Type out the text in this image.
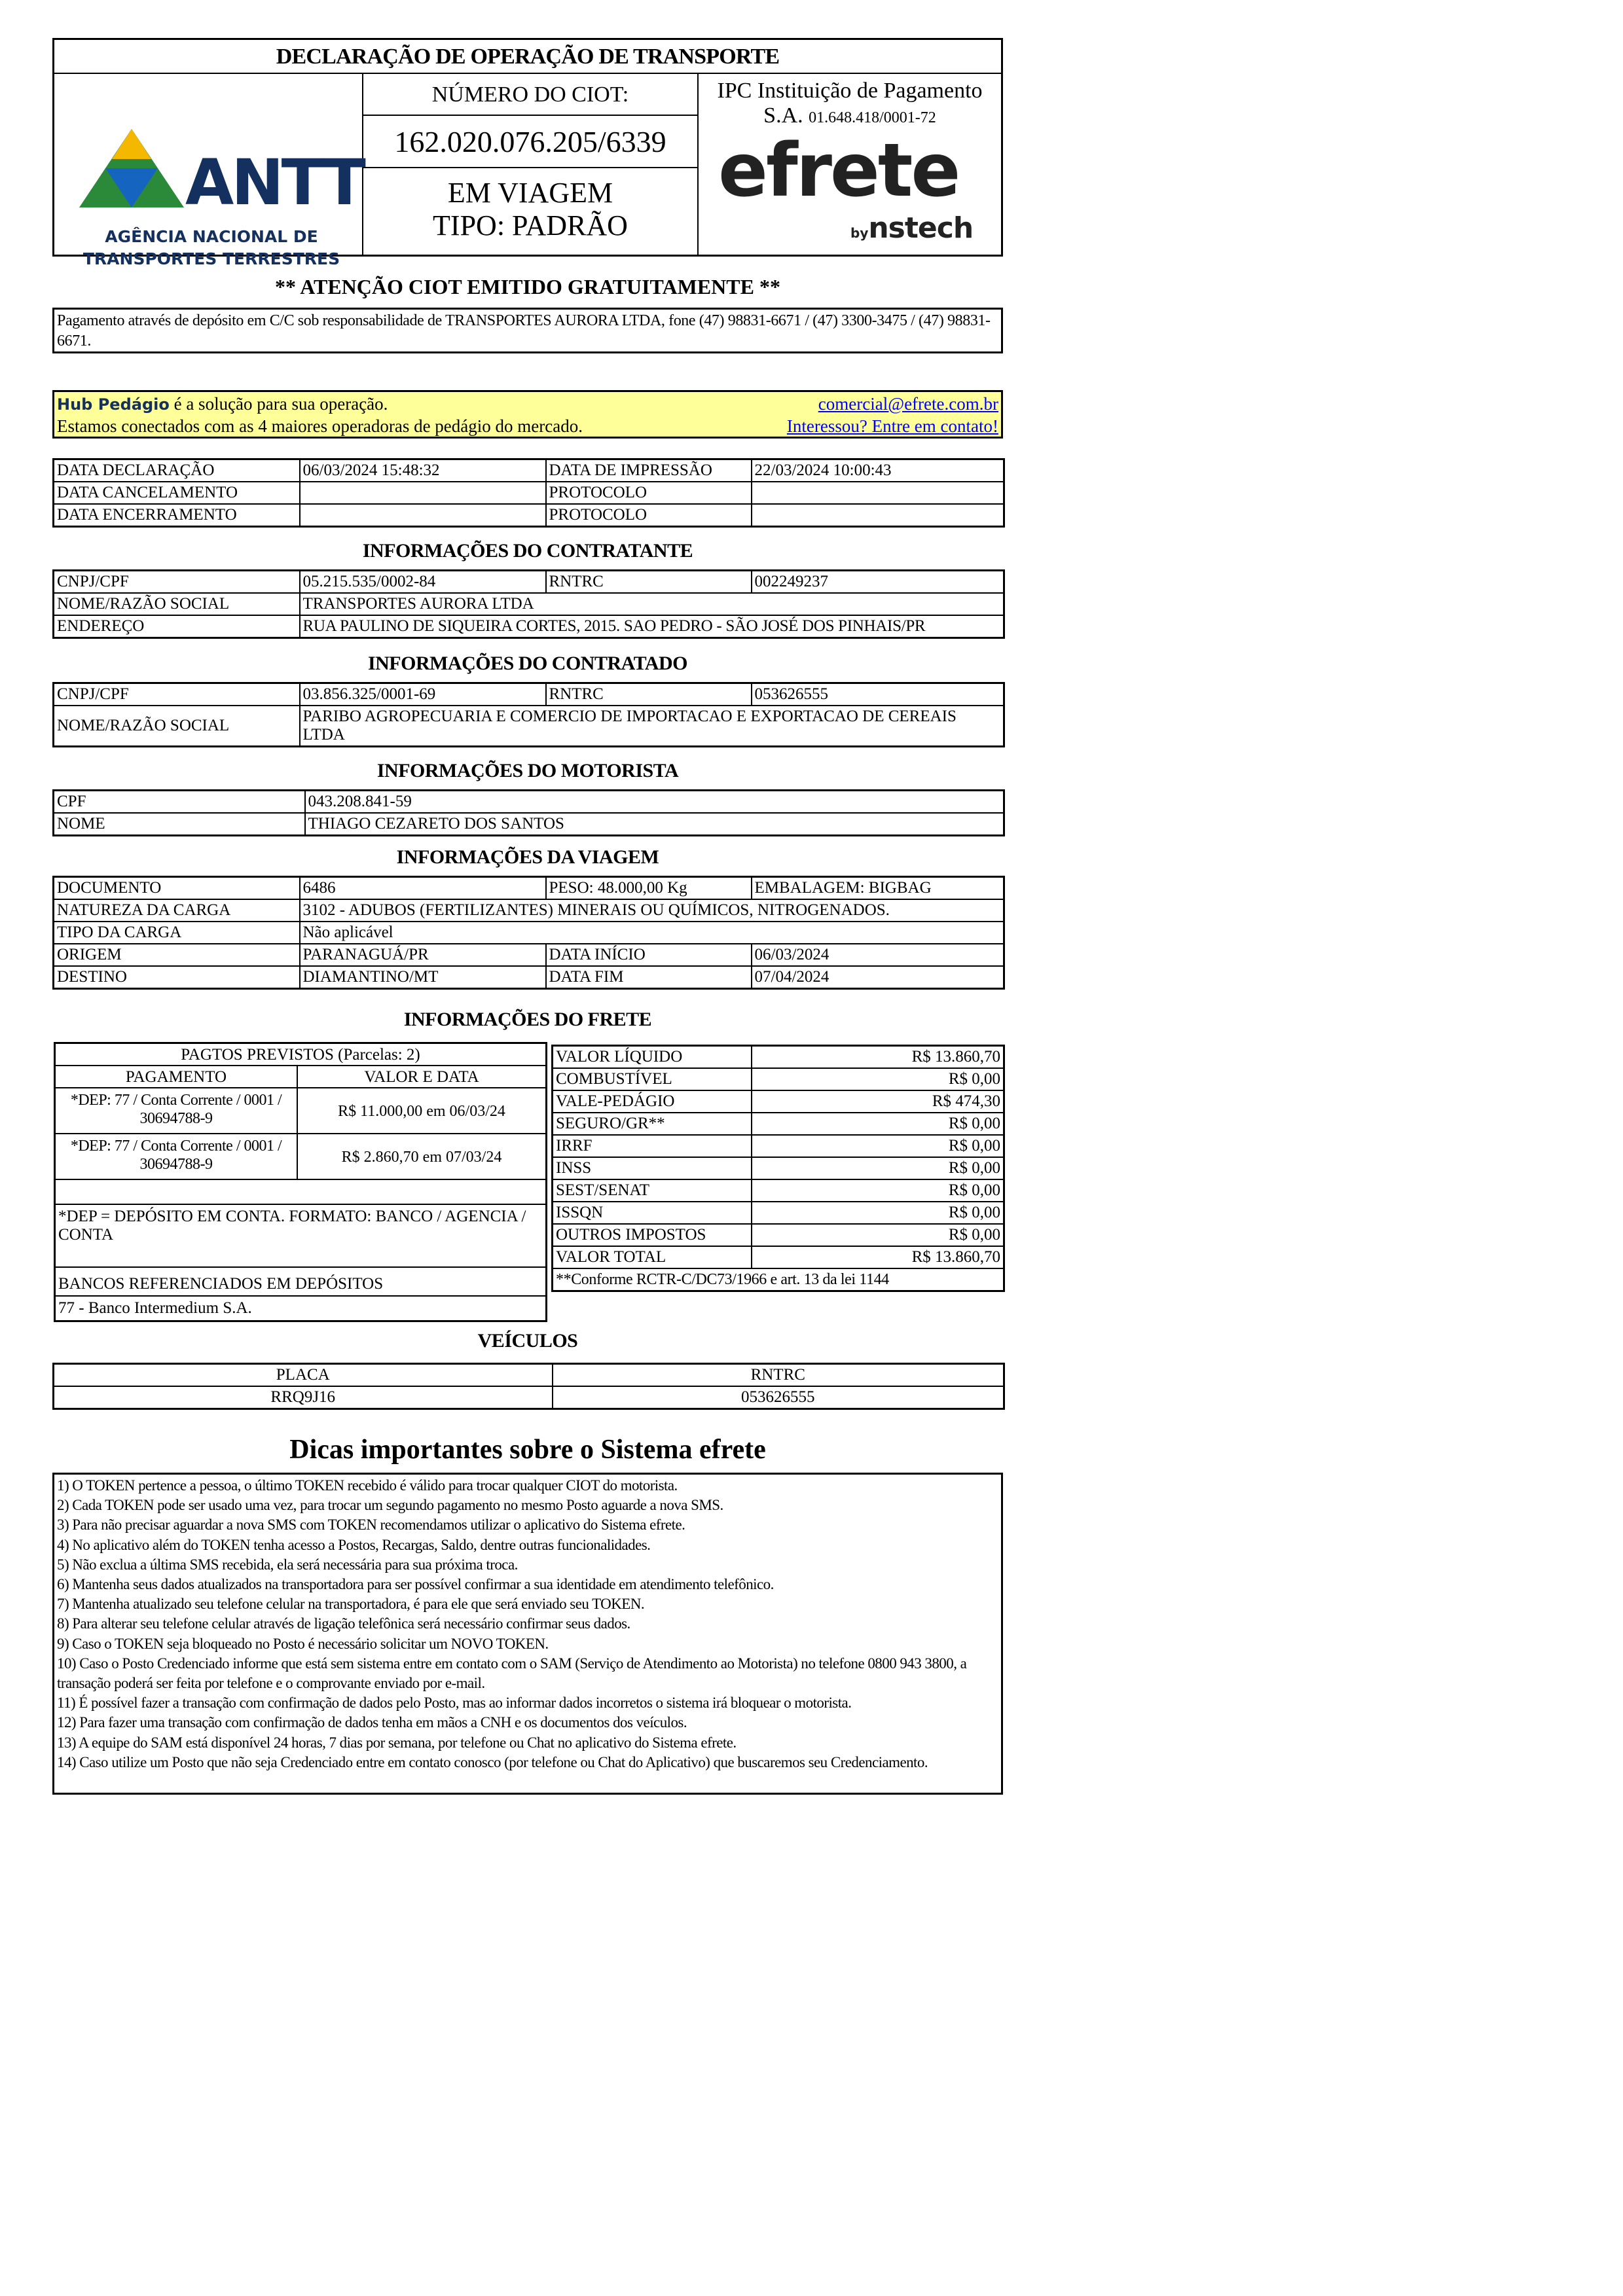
DECLARAÇÃO DE OPERAÇÃO DE TRANSPORTE
ANTT
AGÊNCIA NACIONAL DE
TRANSPORTES TERRESTRES
NÚMERO DO CIOT:
162.020.076.205/6339
EM VIAGEM
TIPO: PADRÃO
IPC Instituição de Pagamento
S.A. 01.648.418/0001-72
efrete
bynstech
** ATENÇÃO CIOT EMITIDO GRATUITAMENTE **
Pagamento através de depósito em C/C sob responsabilidade de TRANSPORTES AURORA LTDA, fone (47) 98831-6671 / (47) 3300-3475 / (47) 98831-6671.
Hub Pedágio é a solução para sua operação.
Estamos conectados com as 4 maiores operadoras de pedágio do mercado.
comercial@efrete.com.br
Interessou? Entre em contato!
DATA DECLARAÇÃO	06/03/2024 15:48:32	DATA DE IMPRESSÃO	22/03/2024 10:00:43
DATA CANCELAMENTO		PROTOCOLO	
DATA ENCERRAMENTO		PROTOCOLO	
INFORMAÇÕES DO CONTRATANTE
CNPJ/CPF	05.215.535/0002-84	RNTRC	002249237
NOME/RAZÃO SOCIAL	TRANSPORTES AURORA LTDA		
ENDEREÇO	RUA PAULINO DE SIQUEIRA CORTES, 2015. SAO PEDRO - SÃO JOSÉ DOS PINHAIS/PR		
INFORMAÇÕES DO CONTRATADO
CNPJ/CPF	03.856.325/0001-69	RNTRC	053626555
NOME/RAZÃO SOCIAL	PARIBO AGROPECUARIA E COMERCIO DE IMPORTACAO E EXPORTACAO DE CEREAIS LTDA		
INFORMAÇÕES DO MOTORISTA
CPF	043.208.841-59
NOME	THIAGO CEZARETO DOS SANTOS
INFORMAÇÕES DA VIAGEM
DOCUMENTO	6486	PESO: 48.000,00 Kg	EMBALAGEM: BIGBAG
NATUREZA DA CARGA	3102 - ADUBOS (FERTILIZANTES) MINERAIS OU QUÍMICOS, NITROGENADOS.		
TIPO DA CARGA	Não aplicável		
ORIGEM	PARANAGUÁ/PR	DATA INÍCIO	06/03/2024
DESTINO	DIAMANTINO/MT	DATA FIM	07/04/2024
INFORMAÇÕES DO FRETE
PAGTOS PREVISTOS (Parcelas: 2)
PAGAMENTO	VALOR E DATA
*DEP: 77 / Conta Corrente / 0001 / 30694788-9	R$ 11.000,00 em 06/03/24
*DEP: 77 / Conta Corrente / 0001 / 30694788-9	R$ 2.860,70 em 07/03/24
*DEP = DEPÓSITO EM CONTA. FORMATO: BANCO / AGENCIA / CONTA
BANCOS REFERENCIADOS EM DEPÓSITOS
77 - Banco Intermedium S.A.
VALOR LÍQUIDO	R$ 13.860,70
COMBUSTÍVEL	R$ 0,00
VALE-PEDÁGIO	R$ 474,30
SEGURO/GR**	R$ 0,00
IRRF	R$ 0,00
INSS	R$ 0,00
SEST/SENAT	R$ 0,00
ISSQN	R$ 0,00
OUTROS IMPOSTOS	R$ 0,00
VALOR TOTAL	R$ 13.860,70
**Conforme RCTR-C/DC73/1966 e art. 13 da lei 1144	
VEÍCULOS
PLACA	RNTRC
RRQ9J16	053626555
Dicas importantes sobre o Sistema efrete
1) O TOKEN pertence a pessoa, o último TOKEN recebido é válido para trocar qualquer CIOT do motorista.
2) Cada TOKEN pode ser usado uma vez, para trocar um segundo pagamento no mesmo Posto aguarde a nova SMS.
3) Para não precisar aguardar a nova SMS com TOKEN recomendamos utilizar o aplicativo do Sistema efrete.
4) No aplicativo além do TOKEN tenha acesso a Postos, Recargas, Saldo, dentre outras funcionalidades.
5) Não exclua a última SMS recebida, ela será necessária para sua próxima troca.
6) Mantenha seus dados atualizados na transportadora para ser possível confirmar a sua identidade em atendimento telefônico.
7) Mantenha atualizado seu telefone celular na transportadora, é para ele que será enviado seu TOKEN.
8) Para alterar seu telefone celular através de ligação telefônica será necessário confirmar seus dados.
9) Caso o TOKEN seja bloqueado no Posto é necessário solicitar um NOVO TOKEN.
10) Caso o Posto Credenciado informe que está sem sistema entre em contato com o SAM (Serviço de Atendimento ao Motorista) no telefone 0800 943 3800, a transação poderá ser feita por telefone e o comprovante enviado por e-mail.
11) É possível fazer a transação com confirmação de dados pelo Posto, mas ao informar dados incorretos o sistema irá bloquear o motorista.
12) Para fazer uma transação com confirmação de dados tenha em mãos a CNH e os documentos dos veículos.
13) A equipe do SAM está disponível 24 horas, 7 dias por semana, por telefone ou Chat no aplicativo do Sistema efrete.
14) Caso utilize um Posto que não seja Credenciado entre em contato conosco (por telefone ou Chat do Aplicativo) que buscaremos seu Credenciamento.
